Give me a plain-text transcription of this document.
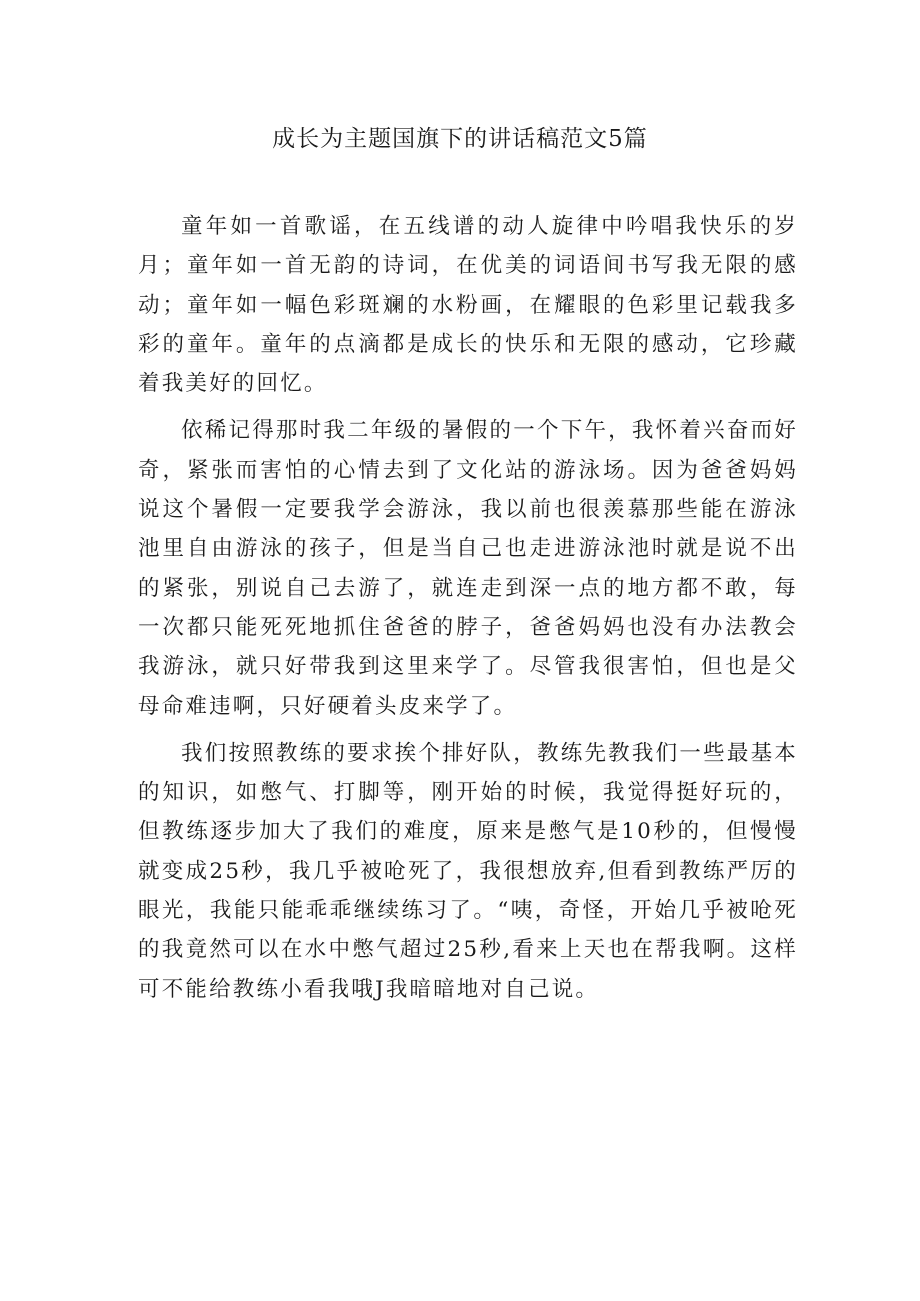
成长为主题国旗下的讲话稿范文5篇

童年如一首歌谣，在五线谱的动人旋律中吟唱我快乐的岁月；童年如一首无韵的诗词，在优美的词语间书写我无限的感动；童年如一幅色彩斑斓的水粉画，在耀眼的色彩里记载我多彩的童年。童年的点滴都是成长的快乐和无限的感动，它珍藏着我美好的回忆。

依稀记得那时我二年级的暑假的一个下午，我怀着兴奋而好奇，紧张而害怕的心情去到了文化站的游泳场。因为爸爸妈妈说这个暑假一定要我学会游泳，我以前也很羡慕那些能在游泳池里自由游泳的孩子，但是当自己也走进游泳池时就是说不出的紧张，别说自己去游了，就连走到深一点的地方都不敢，每一次都只能死死地抓住爸爸的脖子，爸爸妈妈也没有办法教会我游泳，就只好带我到这里来学了。尽管我很害怕，但也是父母命难违啊，只好硬着头皮来学了。

我们按照教练的要求挨个排好队，教练先教我们一些最基本的知识，如憋气、打脚等，刚开始的时候，我觉得挺好玩的，但教练逐步加大了我们的难度，原来是憋气是10秒的，但慢慢就变成25秒，我几乎被呛死了，我很想放弃,但看到教练严厉的眼光，我能只能乖乖继续练习了。“咦，奇怪，开始几乎被呛死的我竟然可以在水中憋气超过25秒,看来上天也在帮我啊。这样可不能给教练小看我哦J我暗暗地对自己说。
